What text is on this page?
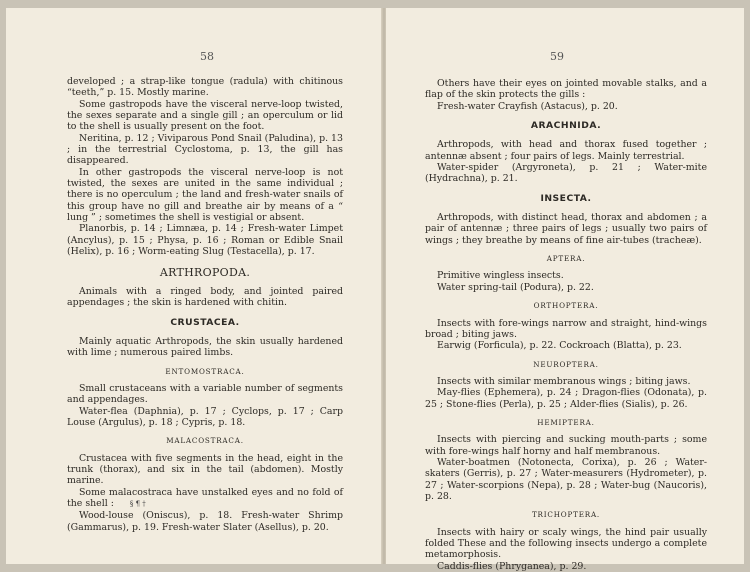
58

developed ; a strap-like tongue (radula) with chitinous “teeth,” p. 15. Mostly marine.

Some gastropods have the visceral nerve-loop twisted, the sexes separate and a single gill ; an operculum or lid to the shell is usually present on the foot.

Neritina, p. 12 ; Viviparous Pond Snail (Paludina), p. 13 ; in the terrestrial Cyclostoma, p. 13, the gill has disappeared.

In other gastropods the visceral nerve-loop is not twisted, the sexes are united in the same individual ; there is no operculum ; the land and fresh-water snails of this group have no gill and breathe air by means of a “ lung ” ; sometimes the shell is vestigial or absent.

Planorbis, p. 14 ; Limnæa, p. 14 ; Fresh-water Limpet (Ancylus), p. 15 ; Physa, p. 16 ; Roman or Edible Snail (Helix), p. 16 ; Worm-eating Slug (Testacella), p. 17.

ARTHROPODA.

Animals with a ringed body, and jointed paired appendages ; the skin is hardened with chitin.

CRUSTACEA.

Mainly aquatic Arthropods, the skin usually hardened with lime ; numerous paired limbs.

ENTOMOSTRACA.

Small crustaceans with a variable number of segments and appendages.

Water-flea (Daphnia), p. 17 ; Cyclops, p. 17 ; Carp Louse (Argulus), p. 18 ; Cypris, p. 18.

MALACOSTRACA.

Crustacea with five segments in the head, eight in the trunk (thorax), and six in the tail (abdomen). Mostly marine.

Some malacostraca have unstalked eyes and no fold of the shell : § ¶ †

Wood-louse (Oniscus), p. 18. Fresh-water Shrimp (Gammarus), p. 19. Fresh-water Slater (Asellus), p. 20.

59

Others have their eyes on jointed movable stalks, and a flap of the skin protects the gills :

Fresh-water Crayfish (Astacus), p. 20.

ARACHNIDA.

Arthropods, with head and thorax fused together ; antennæ absent ; four pairs of legs. Mainly terrestrial.

Water-spider (Argyroneta), p. 21 ; Water-mite (Hydrachna), p. 21.

INSECTA.

Arthropods, with distinct head, thorax and abdomen ; a pair of antennæ ; three pairs of legs ; usually two pairs of wings ; they breathe by means of fine air-tubes (tracheæ).

APTERA.

Primitive wingless insects.

Water spring-tail (Podura), p. 22.

ORTHOPTERA.

Insects with fore-wings narrow and straight, hind-wings broad ; biting jaws.

Earwig (Forficula), p. 22. Cockroach (Blatta), p. 23.

NEUROPTERA.

Insects with similar membranous wings ; biting jaws.

May-flies (Ephemera), p. 24 ; Dragon-flies (Odonata), p. 25 ; Stone-flies (Perla), p. 25 ; Alder-flies (Sialis), p. 26.

HEMIPTERA.

Insects with piercing and sucking mouth-parts ; some with fore-wings half horny and half membranous.

Water-boatmen (Notonecta, Corixa), p. 26 ; Water-skaters (Gerris), p. 27 ; Water-measurers (Hydrometer), p. 27 ; Water-scorpions (Nepa), p. 28 ; Water-bug (Naucoris), p. 28.

TRICHOPTERA.

Insects with hairy or scaly wings, the hind pair usually folded These and the following insects undergo a complete metamorphosis.

Caddis-flies (Phryganea), p. 29.
